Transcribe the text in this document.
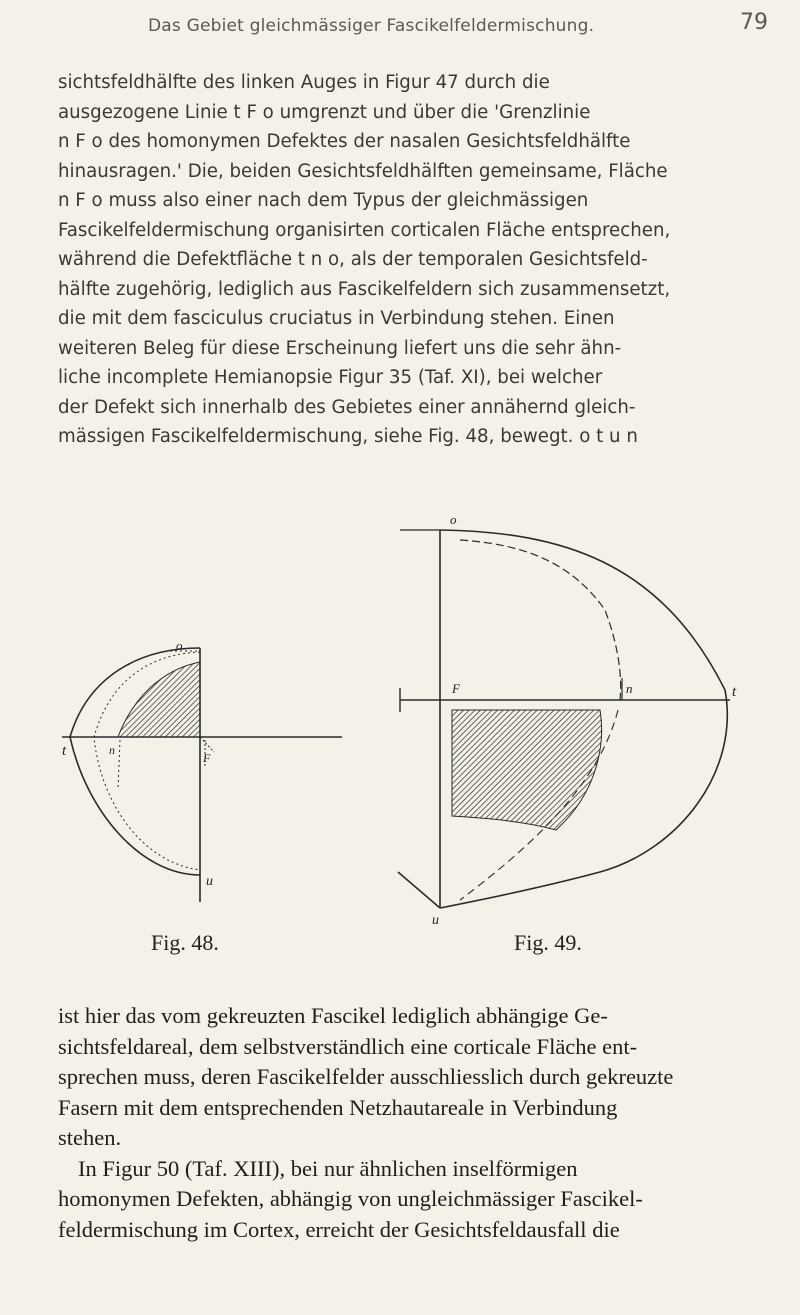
Das Gebiet gleichmässiger Fascikelfeldermischung.	79
sichtsfeldhälfte des linken Auges in Figur 47 durch die
ausgezogene Linie t F o umgrenzt und über die 'Grenzlinie
n F o des homonymen Defektes der nasalen Gesichtsfeldhälfte
hinausragen.' Die, beiden Gesichtsfeldhälften gemeinsame, Fläche
n F o muss also einer nach dem Typus der gleichmässigen
Fascikelfeldermischung organisirten corticalen Fläche entsprechen,
während die Defektfläche t n o, als der temporalen Gesichtsfeld-
hälfte zugehörig, lediglich aus Fascikelfeldern sich zusammensetzt,
die mit dem fasciculus cruciatus in Verbindung stehen. Einen
weiteren Beleg für diese Erscheinung liefert uns die sehr ähn-
liche incomplete Hemianopsie Figur 35 (Taf. XI), bei welcher
der Defekt sich innerhalb des Gebietes einer annähernd gleich-
mässigen Fascikelfeldermischung, siehe Fig. 48, bewegt. o t u n
o
t	n
F
u
o
F	n	t
u
Fig. 48.	Fig. 49.
ist hier das vom gekreuzten Fascikel lediglich abhängige Ge-
sichtsfeldareal, dem selbstverständlich eine corticale Fläche ent-
sprechen muss, deren Fascikelfelder ausschliesslich durch gekreuzte
Fasern mit dem entsprechenden Netzhautareale in Verbindung
stehen.
In Figur 50 (Taf. XIII), bei nur ähnlichen inselförmigen
homonymen Defekten, abhängig von ungleichmässiger Fascikel-
feldermischung im Cortex, erreicht der Gesichtsfeldausfall die
